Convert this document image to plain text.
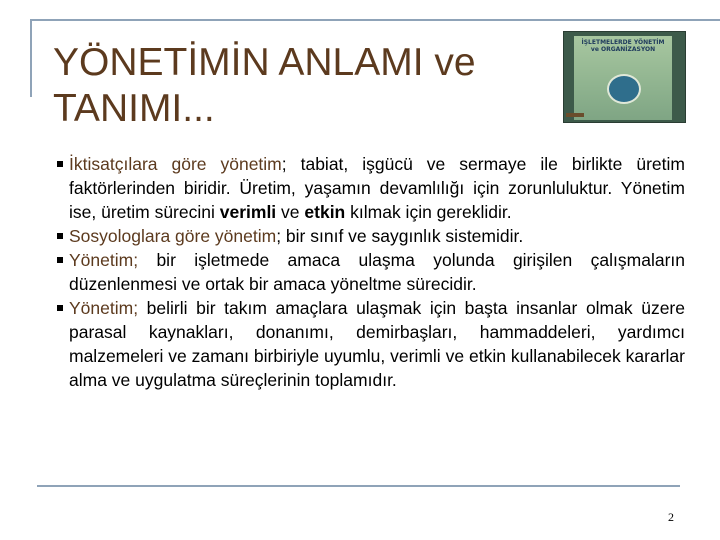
YÖNETİMİN ANLAMI ve
TANIMI...
İŞLETMELERDE YÖNETİM ve ORGANİZASYON
İktisatçılara göre yönetim; tabiat, işgücü ve sermaye ile birlikte üretim faktörlerinden biridir. Üretim, yaşamın devamlılığı için zorunluluktur. Yönetim ise, üretim sürecini verimli ve etkin kılmak için gereklidir.
Sosyologlara göre yönetim; bir sınıf ve saygınlık sistemidir.
Yönetim; bir işletmede amaca ulaşma yolunda girişilen çalışmaların düzenlenmesi ve ortak bir amaca yöneltme sürecidir.
Yönetim; belirli bir takım amaçlara ulaşmak için başta insanlar olmak üzere parasal kaynakları, donanımı, demirbaşları, hammaddeleri, yardımcı malzemeleri ve zamanı birbiriyle uyumlu, verimli ve etkin kullanabilecek kararlar alma ve uygulatma süreçlerinin toplamıdır.
2
